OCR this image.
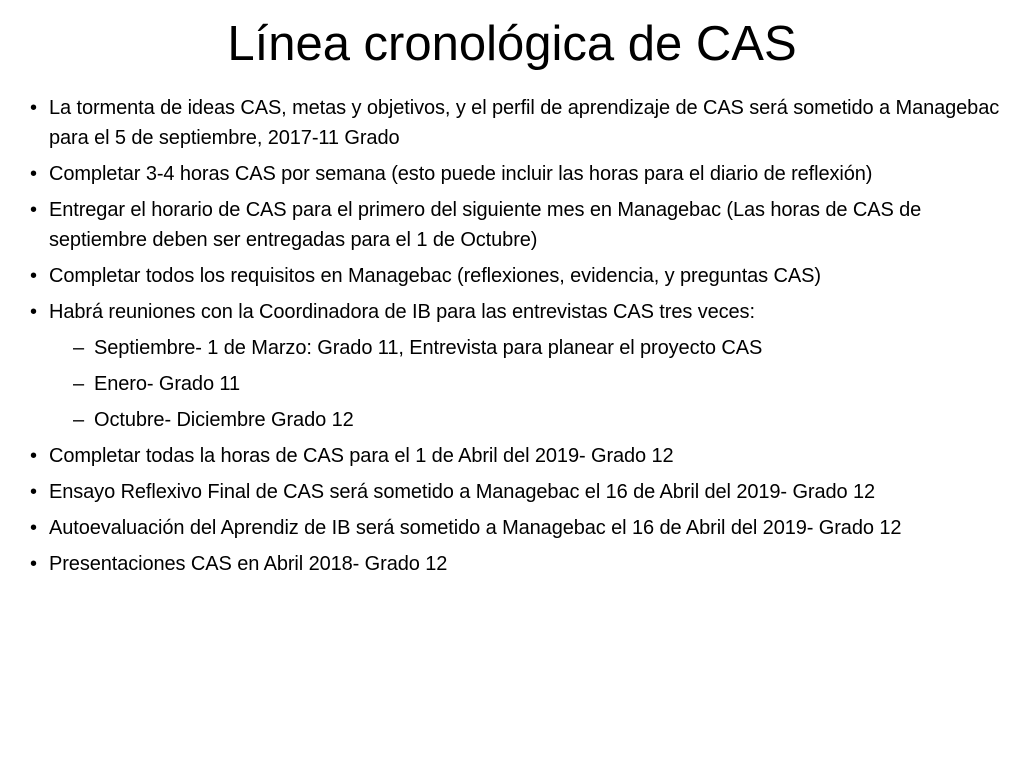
Línea cronológica de CAS
• La tormenta de ideas CAS, metas y objetivos, y el perfil de aprendizaje de CAS será sometido a Managebac para el 5 de septiembre, 2017-11 Grado
• Completar 3-4 horas CAS por semana (esto puede incluir las horas para el diario de reflexión)
• Entregar el horario de CAS para el primero del siguiente mes en Managebac (Las horas de CAS de septiembre deben ser entregadas para el 1 de Octubre)
• Completar todos los requisitos en Managebac (reflexiones, evidencia, y preguntas CAS)
• Habrá reuniones con la Coordinadora de IB para las entrevistas CAS tres veces:
– Septiembre- 1 de Marzo: Grado 11, Entrevista para planear el proyecto CAS
– Enero- Grado 11
– Octubre- Diciembre Grado 12
• Completar todas la horas de CAS para el 1 de Abril del 2019- Grado 12
• Ensayo Reflexivo Final de CAS será sometido a Managebac el 16 de Abril del 2019- Grado 12
• Autoevaluación del Aprendiz de IB será sometido a Managebac el 16 de Abril del 2019- Grado 12
• Presentaciones CAS en Abril 2018- Grado 12
